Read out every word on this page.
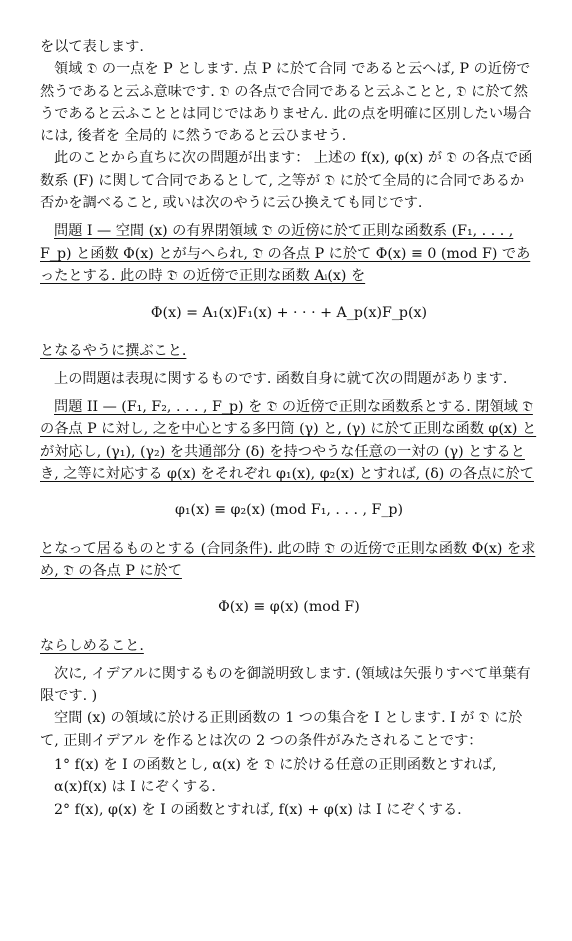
を以て表します.

領域 𝔇 の一点を P とします. 点 P に於て合同 であると云へば, P の近傍で然うであると云ふ意味です. 𝔇 の各点で合同であると云ふことと, 𝔇 に於て然うであると云ふこととは同じではありません. 此の点を明確に区別したい場合には, 後者を 全局的 に然うであると云ひませう.

此のことから直ちに次の問題が出ます： 上述の f(x), φ(x) が 𝔇 の各点で函数系 (F) に関して合同であるとして, 之等が 𝔇 に於て全局的に合同であるか否かを調べること, 或いは次のやうに云ひ換えても同じです.

問題 I — 空間 (x) の有界閉領域 𝔇̄ の近傍に於て正則な函数系 (F₁, . . . , F_p) と函数 Φ(x) とが与へられ, 𝔇̄ の各点 P に於て Φ(x) ≡ 0 (mod F) であったとする. 此の時 𝔇̄ の近傍で正則な函数 Aᵢ(x) を

Φ(x) = A₁(x)F₁(x) + · · · + A_p(x)F_p(x)

となるやうに撰ぶこと.

上の問題は表現に関するものです. 函数自身に就て次の問題があります.

問題 II — (F₁, F₂, . . . , F_p) を 𝔇̄ の近傍で正則な函数系とする. 閉領域 𝔇̄ の各点 P に対し, 之を中心とする多円筒 (γ) と, (γ) に於て正則な函数 φ(x) とが対応し, (γ₁), (γ₂) を共通部分 (δ) を持つやうな任意の一対の (γ) とするとき, 之等に対応する φ(x) をそれぞれ φ₁(x), φ₂(x) とすれば, (δ) の各点に於て

φ₁(x) ≡ φ₂(x) (mod F₁, . . . , F_p)

となって居るものとする (合同条件). 此の時 𝔇̄ の近傍で正則な函数 Φ(x) を求め, 𝔇̄ の各点 P に於て

Φ(x) ≡ φ(x) (mod F)

ならしめること.

次に, イデアルに関するものを御説明致します. (領域は矢張りすべて単葉有限です. )

空間 (x) の領域に於ける正則函数の 1 つの集合を I とします. I が 𝔇 に於て, 正則イデアル を作るとは次の 2 つの条件がみたされることです：

1° f(x) を I の函数とし, α(x) を 𝔇 に於ける任意の正則函数とすれば, α(x)f(x) は I にぞくする.

2° f(x), φ(x) を I の函数とすれば, f(x) + φ(x) は I にぞくする.
